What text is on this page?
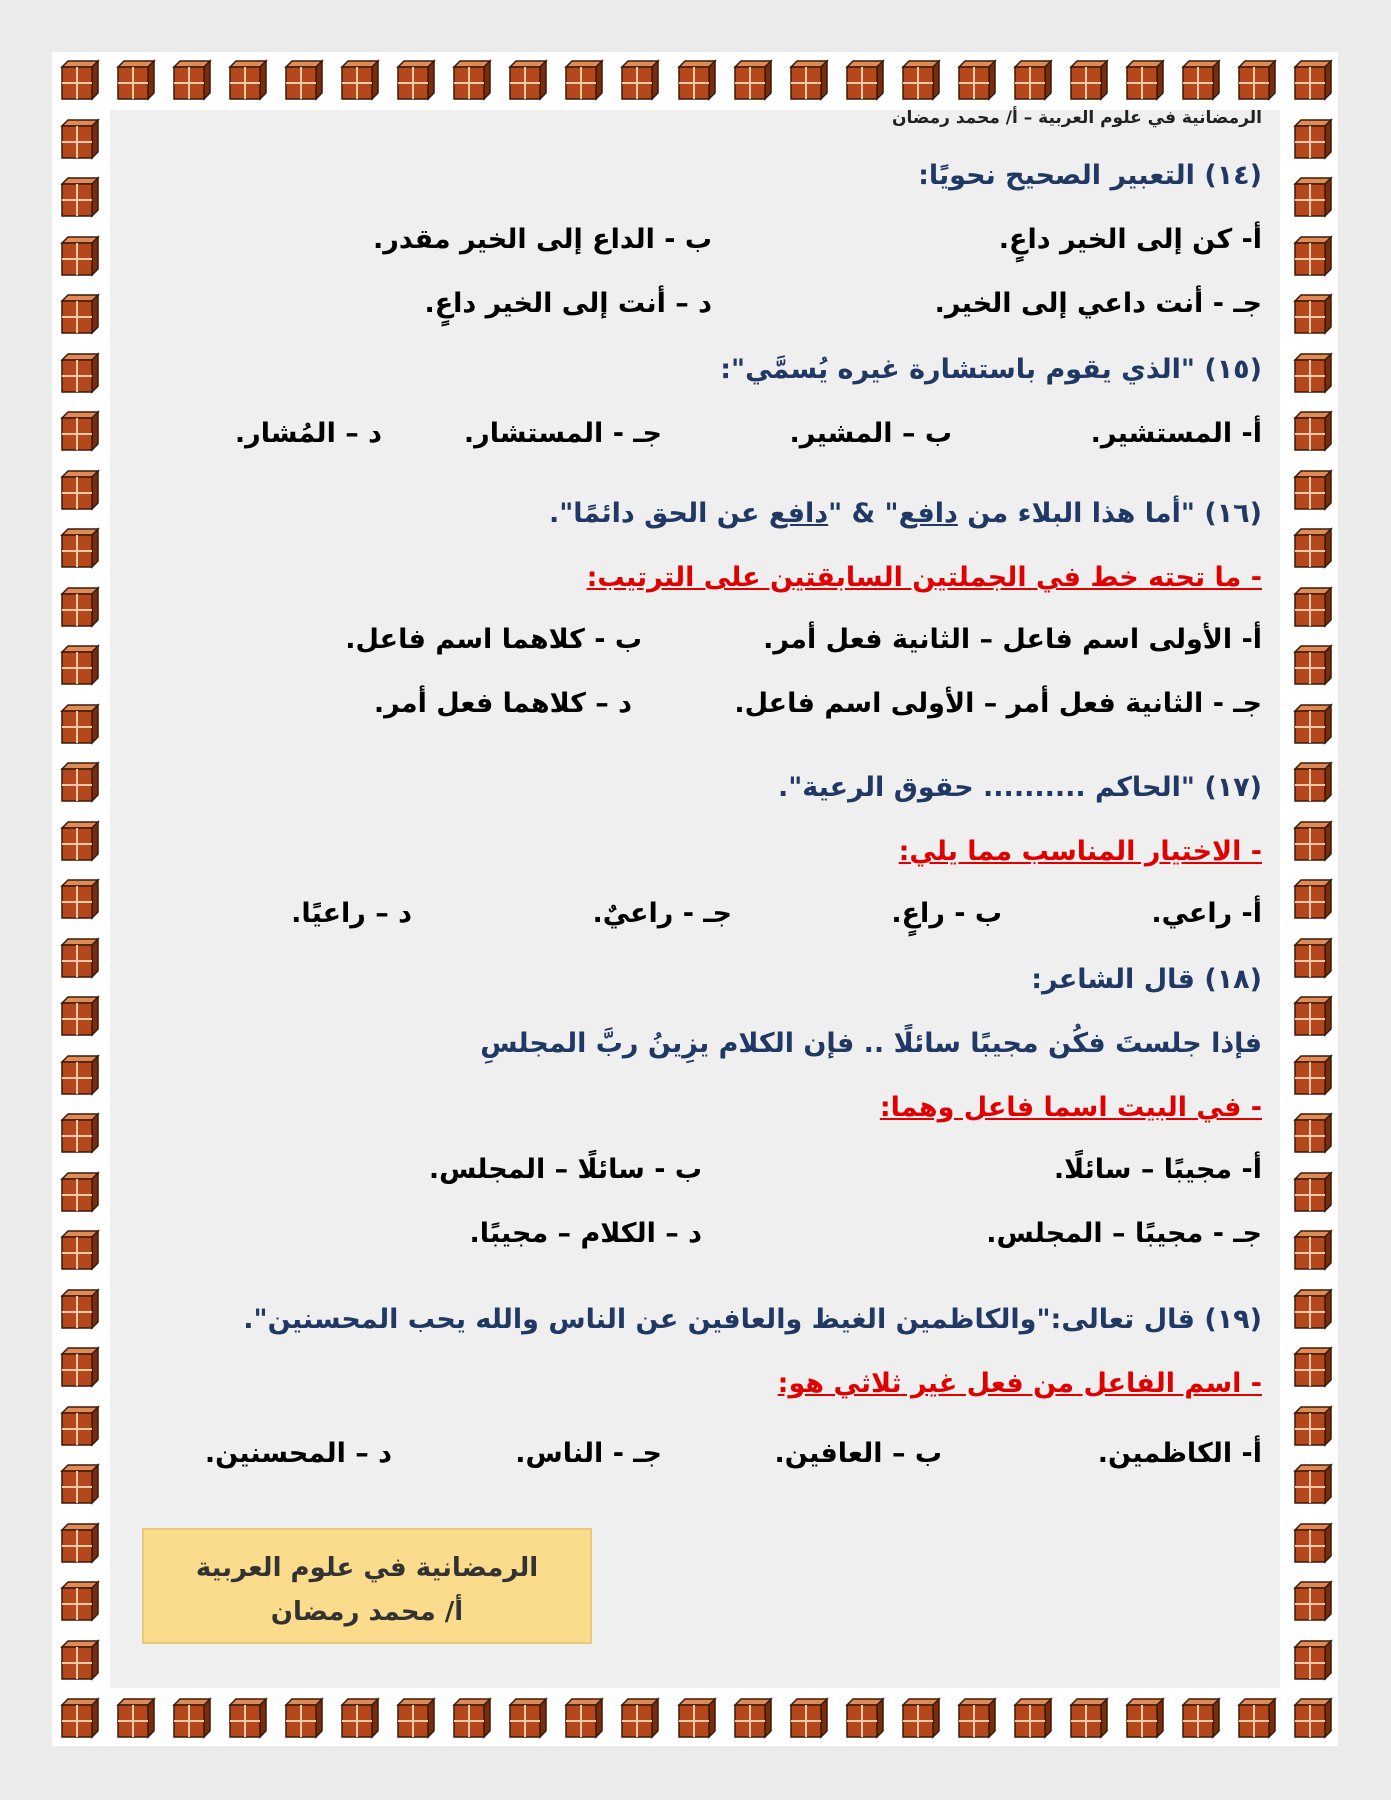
الرمضانية في علوم العربية – أ/ محمد رمضان
(١٤) التعبير الصحيح نحويًا:
أ- كن إلى الخير داعٍ.
ب - الداع إلى الخير مقدر.
جـ - أنت داعي إلى الخير.
د – أنت إلى الخير داعٍ.
(١٥) "الذي يقوم باستشارة غيره يُسمَّي":
أ- المستشير.
ب – المشير.
جـ - المستشار.
د – المُشار.
(١٦) "أما هذا البلاء من دافع" & "دافع عن الحق دائمًا".
- ما تحته خط في الجملتين السابقتين على الترتيب:
أ- الأولى اسم فاعل – الثانية فعل أمر.
ب - كلاهما اسم فاعل.
جـ - الثانية فعل أمر – الأولى اسم فاعل.
د – كلاهما فعل أمر.
(١٧) "الحاكم .......... حقوق الرعية".
- الاختيار المناسب مما يلي:
أ- راعي.
ب - راعٍ.
جـ - راعيٌ.
د – راعيًا.
(١٨) قال الشاعر:
فإذا جلستَ فكُن مجيبًا سائلًا .. فإن الكلام يزِينُ ربَّ المجلسِ
- في البيت اسما فاعل وهما:
أ- مجيبًا – سائلًا.
ب - سائلًا – المجلس.
جـ - مجيبًا – المجلس.
د – الكلام – مجيبًا.
(١٩) قال تعالى:"والكاظمين الغيظ والعافين عن الناس والله يحب المحسنين".
- اسم الفاعل من فعل غير ثلاثي هو:
أ- الكاظمين.
ب – العافين.
جـ - الناس.
د – المحسنين.
الرمضانية في علوم العربية
أ/ محمد رمضان
